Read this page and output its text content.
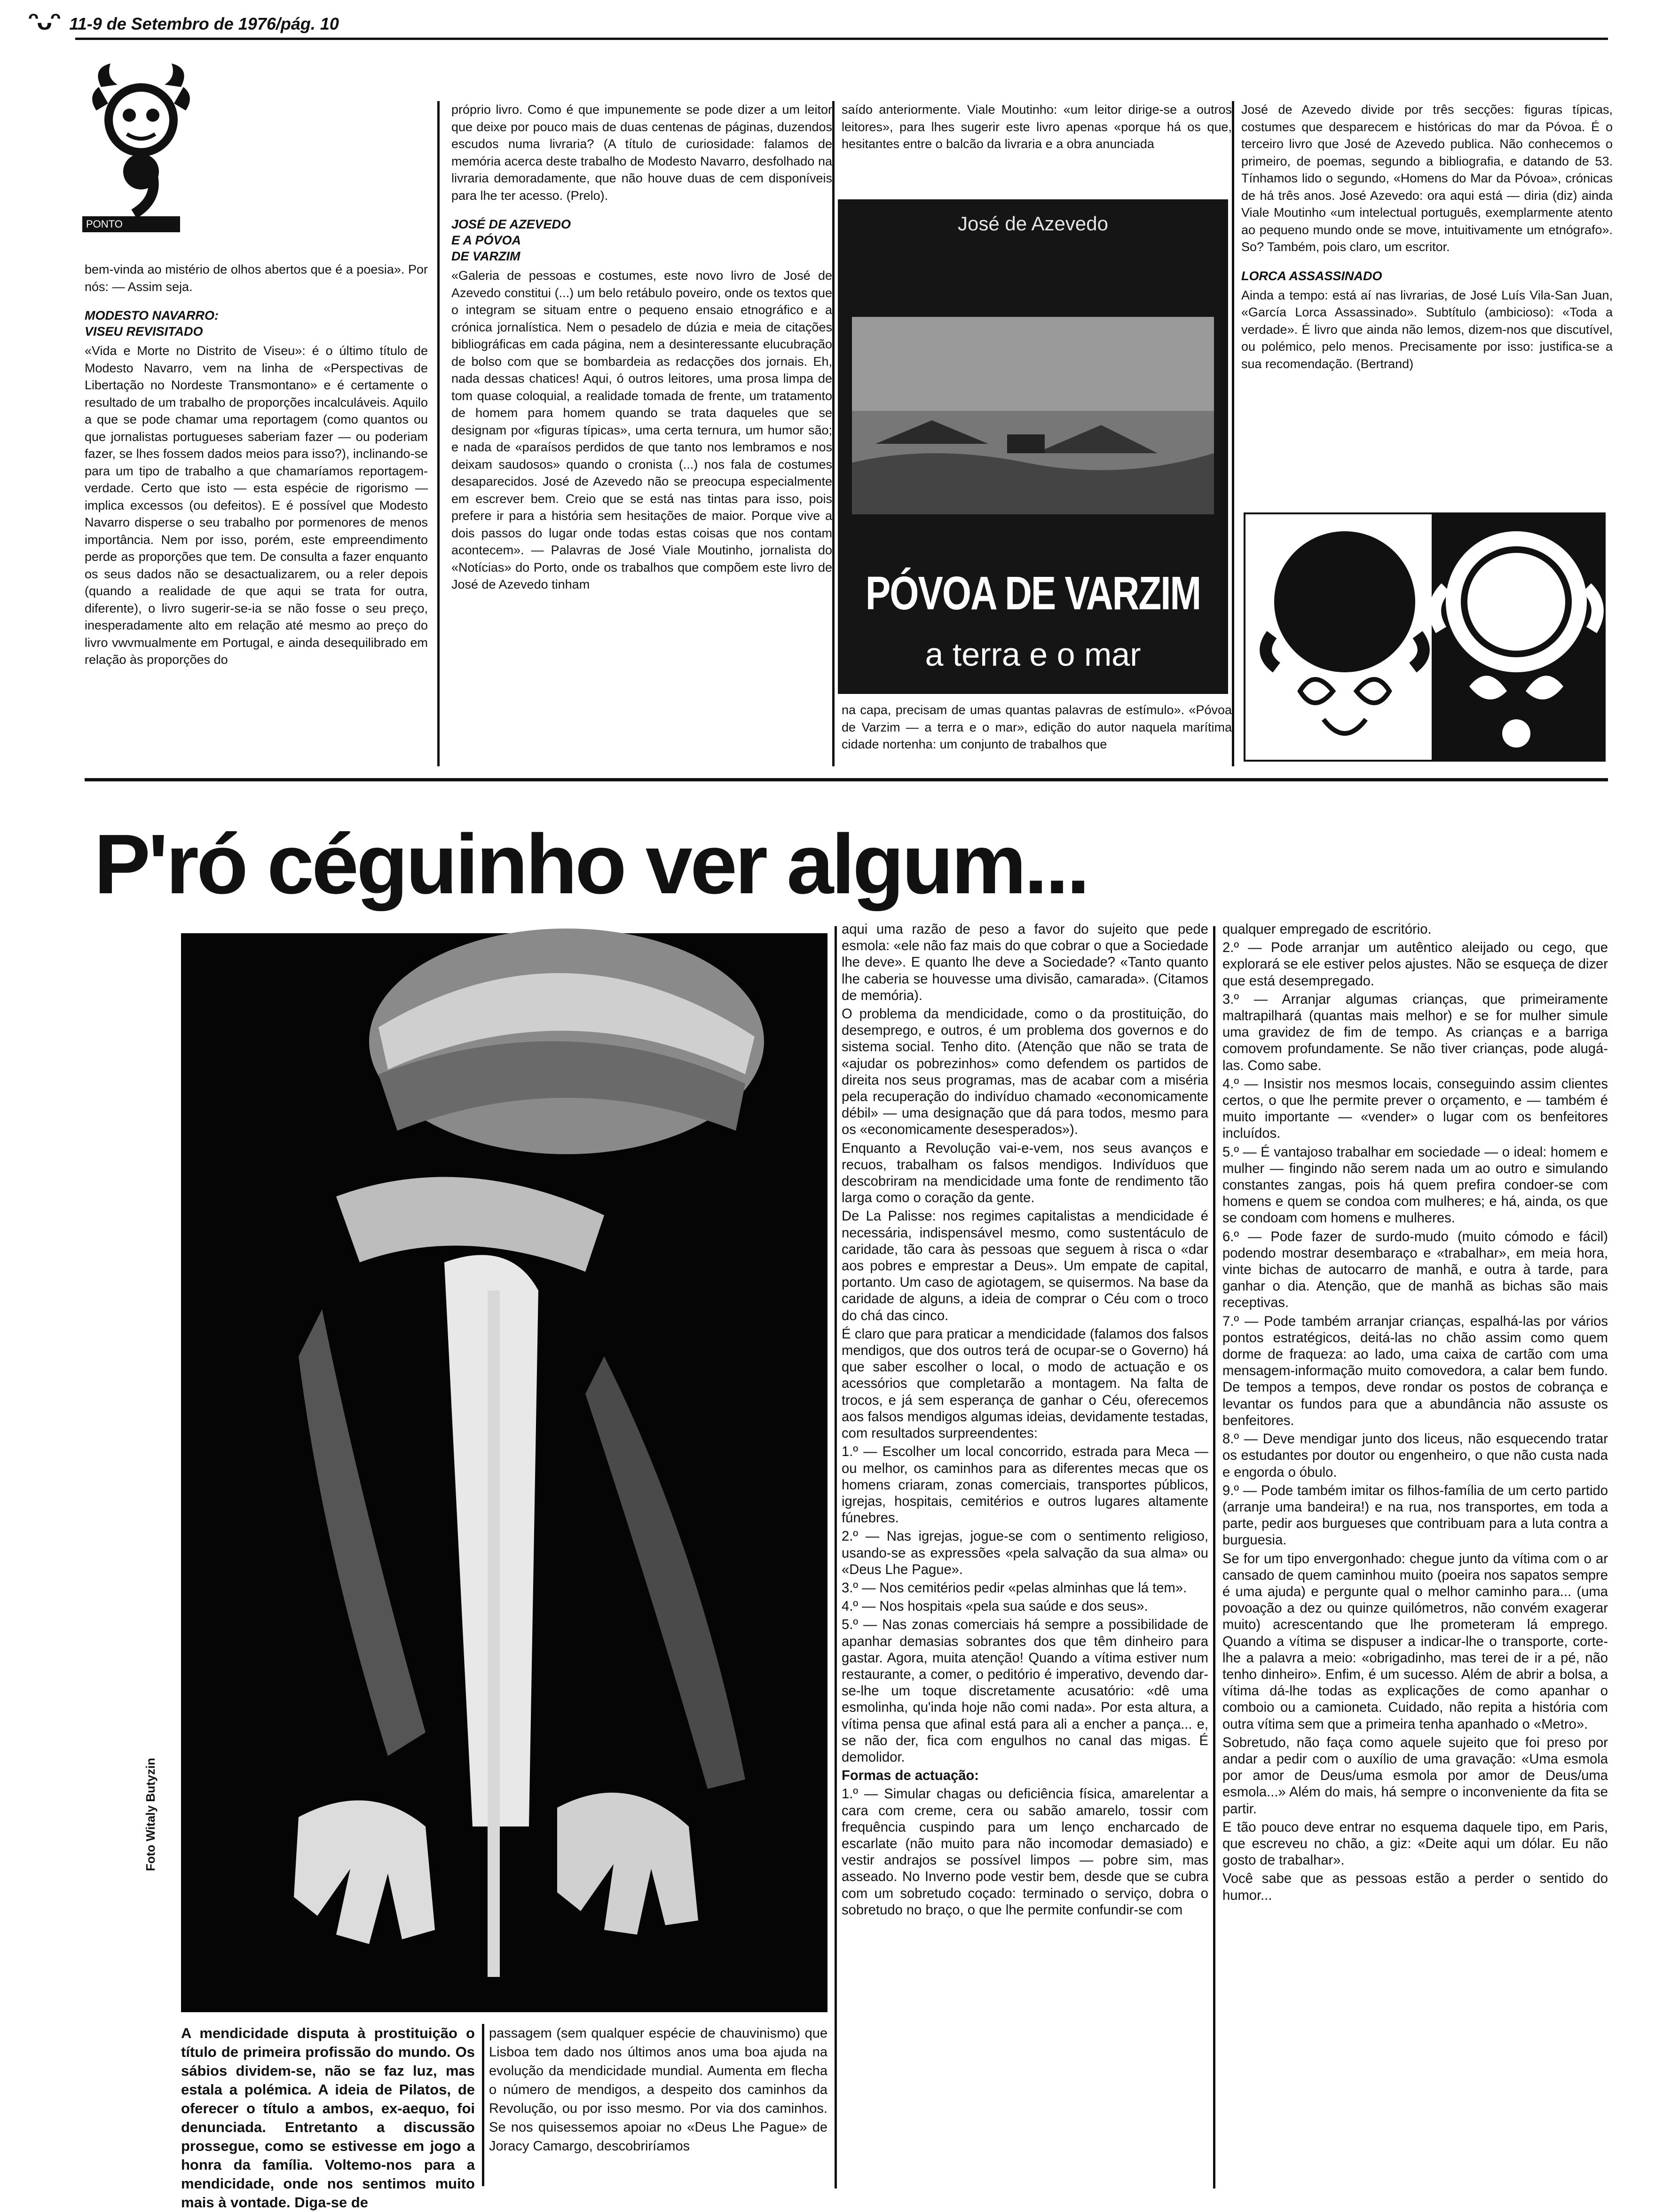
ᵔᴗᵔ 11-9 de Setembro de 1976/pág. 10
PONTO

bem-vinda ao mistério de olhos abertos que é a poesia». Por nós: — Assim seja.

MODESTO NAVARRO:
VISEU REVISITADO

«Vida e Morte no Distrito de Viseu»: é o último título de Modesto Navarro, vem na linha de «Perspectivas de Libertação no Nordeste Transmontano» e é certamente o resultado de um trabalho de proporções incalculáveis. Aquilo a que se pode chamar uma reportagem (como quantos ou que jornalistas portugueses saberiam fazer — ou poderiam fazer, se lhes fossem dados meios para isso?), inclinando-se para um tipo de trabalho a que chamaríamos reportagem-verdade. Certo que isto — esta espécie de rigorismo — implica excessos (ou defeitos). E é possível que Modesto Navarro disperse o seu trabalho por pormenores de menos importância. Nem por isso, porém, este empreendimento perde as proporções que tem. De consulta a fazer enquanto os seus dados não se desactualizarem, ou a reler depois (quando a realidade de que aqui se trata for outra, diferente), o livro sugerir-se-ia se não fosse o seu preço, inesperadamente alto em relação até mesmo ao preço do livro vwvmualmente em Portugal, e ainda desequilibrado em relação às proporções do

próprio livro. Como é que impunemente se pode dizer a um leitor que deixe por pouco mais de duas centenas de páginas, duzendos escudos numa livraria? (A título de curiosidade: falamos de memória acerca deste trabalho de Modesto Navarro, desfolhado na livraria demoradamente, que não houve duas de cem disponíveis para lhe ter acesso. (Prelo).

JOSÉ DE AZEVEDO
E A PÓVOA
DE VARZIM

«Galeria de pessoas e costumes, este novo livro de José de Azevedo constitui (...) um belo retábulo poveiro, onde os textos que o integram se situam entre o pequeno ensaio etnográfico e a crónica jornalística. Nem o pesadelo de dúzia e meia de citações bibliográficas em cada página, nem a desinteressante elucubração de bolso com que se bombardeia as redacções dos jornais. Eh, nada dessas chatices! Aqui, ó outros leitores, uma prosa limpa de tom quase coloquial, a realidade tomada de frente, um tratamento de homem para homem quando se trata daqueles que se designam por «figuras típicas», uma certa ternura, um humor são; e nada de «paraísos perdidos de que tanto nos lembramos e nos deixam saudosos» quando o cronista (...) nos fala de costumes desaparecidos. José de Azevedo não se preocupa especialmente em escrever bem. Creio que se está nas tintas para isso, pois prefere ir para a história sem hesitações de maior. Porque vive a dois passos do lugar onde todas estas coisas que nos contam acontecem». — Palavras de José Viale Moutinho, jornalista do «Notícias» do Porto, onde os trabalhos que compõem este livro de José de Azevedo tinham

saído anteriormente. Viale Moutinho: «um leitor dirige-se a outros leitores», para lhes sugerir este livro apenas «porque há os que, hesitantes entre o balcão da livraria e a obra anunciada

José de Azevedo
PÓVOA DE VARZIM
a terra e o mar

na capa, precisam de umas quantas palavras de estímulo». «Póvoa de Varzim — a terra e o mar», edição do autor naquela marítima cidade nortenha: um conjunto de trabalhos que

José de Azevedo divide por três secções: figuras típicas, costumes que desparecem e históricas do mar da Póvoa. É o terceiro livro que José de Azevedo publica. Não conhecemos o primeiro, de poemas, segundo a bibliografia, e datando de 53. Tínhamos lido o segundo, «Homens do Mar da Póvoa», crónicas de há três anos. José Azevedo: ora aqui está — diria (diz) ainda Viale Moutinho «um intelectual português, exemplarmente atento ao pequeno mundo onde se move, intuitivamente um etnógrafo». So? Também, pois claro, um escritor.

LORCA ASSASSINADO

Ainda a tempo: está aí nas livrarias, de José Luís Vila-San Juan, «García Lorca Assassinado». Subtítulo (ambicioso): «Toda a verdade». É livro que ainda não lemos, dizem-nos que discutível, ou polémico, pelo menos. Precisamente por isso: justifica-se a sua recomendação. (Bertrand)

P'ró céguinho ver algum...
Foto Witaly Butyzin

A mendicidade disputa à prostituição o título de primeira profissão do mundo. Os sábios dividem-se, não se faz luz, mas estala a polémica. A ideia de Pilatos, de oferecer o título a ambos, ex-aequo, foi denunciada. Entretanto a discussão prossegue, como se estivesse em jogo a honra da família. Voltemo-nos para a mendicidade, onde nos sentimos muito mais à vontade. Diga-se de

passagem (sem qualquer espécie de chauvinismo) que Lisboa tem dado nos últimos anos uma boa ajuda na evolução da mendicidade mundial. Aumenta em flecha o número de mendigos, a despeito dos caminhos da Revolução, ou por isso mesmo. Por via dos caminhos. Se nos quisessemos apoiar no «Deus Lhe Pague» de Joracy Camargo, descobriríamos

aqui uma razão de peso a favor do sujeito que pede esmola: «ele não faz mais do que cobrar o que a Sociedade lhe deve». E quanto lhe deve a Sociedade? «Tanto quanto lhe caberia se houvesse uma divisão, camarada». (Citamos de memória).

O problema da mendicidade, como o da prostituição, do desemprego, e outros, é um problema dos governos e do sistema social. Tenho dito. (Atenção que não se trata de «ajudar os pobrezinhos» como defendem os partidos de direita nos seus programas, mas de acabar com a miséria pela recuperação do indivíduo chamado «economicamente débil» — uma designação que dá para todos, mesmo para os «economicamente desesperados»).

Enquanto a Revolução vai-e-vem, nos seus avanços e recuos, trabalham os falsos mendigos. Indivíduos que descobriram na mendicidade uma fonte de rendimento tão larga como o coração da gente.

De La Palisse: nos regimes capitalistas a mendicidade é necessária, indispensável mesmo, como sustentáculo de caridade, tão cara às pessoas que seguem à risca o «dar aos pobres e emprestar a Deus». Um empate de capital, portanto. Um caso de agiotagem, se quisermos. Na base da caridade de alguns, a ideia de comprar o Céu com o troco do chá das cinco.

É claro que para praticar a mendicidade (falamos dos falsos mendigos, que dos outros terá de ocupar-se o Governo) há que saber escolher o local, o modo de actuação e os acessórios que completarão a montagem. Na falta de trocos, e já sem esperança de ganhar o Céu, oferecemos aos falsos mendigos algumas ideias, devidamente testadas, com resultados surpreendentes:

1.º — Escolher um local concorrido, estrada para Meca — ou melhor, os caminhos para as diferentes mecas que os homens criaram, zonas comerciais, transportes públicos, igrejas, hospitais, cemitérios e outros lugares altamente fúnebres.

2.º — Nas igrejas, jogue-se com o sentimento religioso, usando-se as expressões «pela salvação da sua alma» ou «Deus Lhe Pague».

3.º — Nos cemitérios pedir «pelas alminhas que lá tem».

4.º — Nos hospitais «pela sua saúde e dos seus».

5.º — Nas zonas comerciais há sempre a possibilidade de apanhar demasias sobrantes dos que têm dinheiro para gastar. Agora, muita atenção! Quando a vítima estiver num restaurante, a comer, o peditório é imperativo, devendo dar-se-lhe um toque discretamente acusatório: «dê uma esmolinha, qu'inda hoje não comi nada». Por esta altura, a vítima pensa que afinal está para ali a encher a pança... e, se não der, fica com engulhos no canal das migas. É demolidor.

Formas de actuação:

1.º — Simular chagas ou deficiência física, amarelentar a cara com creme, cera ou sabão amarelo, tossir com frequência cuspindo para um lenço encharcado de escarlate (não muito para não incomodar demasiado) e vestir andrajos se possível limpos — pobre sim, mas asseado. No Inverno pode vestir bem, desde que se cubra com um sobretudo coçado: terminado o serviço, dobra o sobretudo no braço, o que lhe permite confundir-se com

qualquer empregado de escritório.

2.º — Pode arranjar um autêntico aleijado ou cego, que explorará se ele estiver pelos ajustes. Não se esqueça de dizer que está desempregado.

3.º — Arranjar algumas crianças, que primeiramente maltrapilhará (quantas mais melhor) e se for mulher simule uma gravidez de fim de tempo. As crianças e a barriga comovem profundamente. Se não tiver crianças, pode alugá-las. Como sabe.

4.º — Insistir nos mesmos locais, conseguindo assim clientes certos, o que lhe permite prever o orçamento, e — também é muito importante — «vender» o lugar com os benfeitores incluídos.

5.º — É vantajoso trabalhar em sociedade — o ideal: homem e mulher — fingindo não serem nada um ao outro e simulando constantes zangas, pois há quem prefira condoer-se com homens e quem se condoa com mulheres; e há, ainda, os que se condoam com homens e mulheres.

6.º — Pode fazer de surdo-mudo (muito cómodo e fácil) podendo mostrar desembaraço e «trabalhar», em meia hora, vinte bichas de autocarro de manhã, e outra à tarde, para ganhar o dia. Atenção, que de manhã as bichas são mais receptivas.

7.º — Pode também arranjar crianças, espalhá-las por vários pontos estratégicos, deitá-las no chão assim como quem dorme de fraqueza: ao lado, uma caixa de cartão com uma mensagem-informação muito comovedora, a calar bem fundo. De tempos a tempos, deve rondar os postos de cobrança e levantar os fundos para que a abundância não assuste os benfeitores.

8.º — Deve mendigar junto dos liceus, não esquecendo tratar os estudantes por doutor ou engenheiro, o que não custa nada e engorda o óbulo.

9.º — Pode também imitar os filhos-família de um certo partido (arranje uma bandeira!) e na rua, nos transportes, em toda a parte, pedir aos burgueses que contribuam para a luta contra a burguesia.

Se for um tipo envergonhado: chegue junto da vítima com o ar cansado de quem caminhou muito (poeira nos sapatos sempre é uma ajuda) e pergunte qual o melhor caminho para... (uma povoação a dez ou quinze quilómetros, não convém exagerar muito) acrescentando que lhe prometeram lá emprego. Quando a vítima se dispuser a indicar-lhe o transporte, corte-lhe a palavra a meio: «obrigadinho, mas terei de ir a pé, não tenho dinheiro». Enfim, é um sucesso. Além de abrir a bolsa, a vítima dá-lhe todas as explicações de como apanhar o comboio ou a camioneta. Cuidado, não repita a história com outra vítima sem que a primeira tenha apanhado o «Metro».

Sobretudo, não faça como aquele sujeito que foi preso por andar a pedir com o auxílio de uma gravação: «Uma esmola por amor de Deus/uma esmola por amor de Deus/uma esmola...» Além do mais, há sempre o inconveniente da fita se partir.

E tão pouco deve entrar no esquema daquele tipo, em Paris, que escreveu no chão, a giz: «Deite aqui um dólar. Eu não gosto de trabalhar».

Você sabe que as pessoas estão a perder o sentido do humor...
